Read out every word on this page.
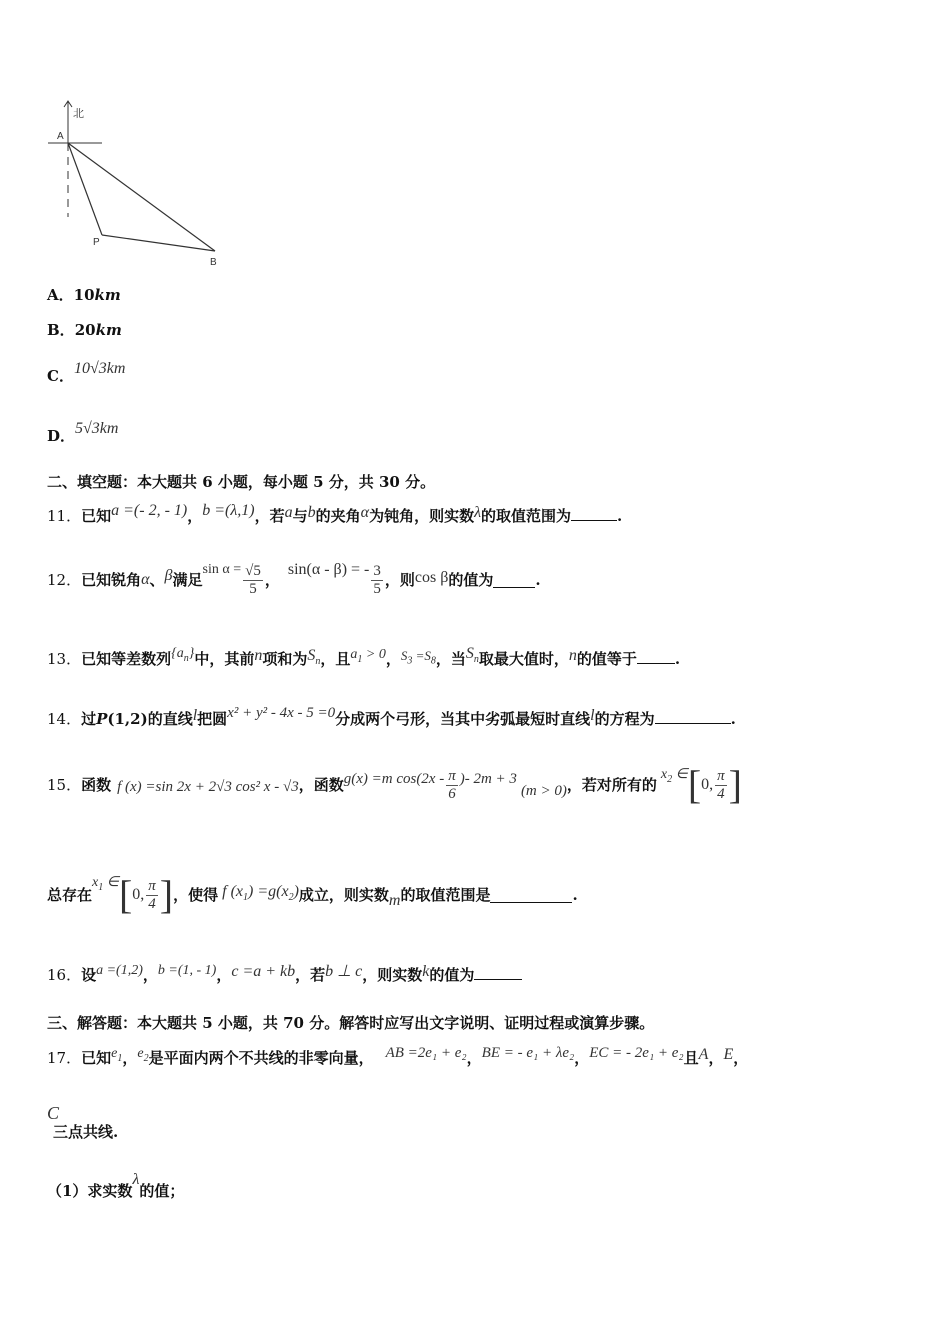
北
A
P
B
A．10km
B．20km
C．10√3km
D．5√3km
二、填空题：本大题共 6 小题，每小题 5 分，共 30 分。
11．已知a =(- 2, - 1)，b =(λ,1)，若a与b的夹角α为钝角，则实数λ的取值范围为	.
12． 已知锐角 α 、 β 满足
$\sin \alpha = \frac{√5}{5}$ ，
sin(α - β) = - $\frac{3}{5}$ ，则 cos β 的值为	.
13．已知等差数列$\{a_n\}$中，其前n项和为$S_n$，且$a_1 > 0$，$S_3 =S_8$，当$S_n$取最大值时，n的值等于	.
14．过P(1,2)的直线l把圆x² + y² - 4x - 5 =0分成两个弓形，当其中劣弧最短时直线l的方程为	.
15． 函数 f (x) =sin 2x + 2√3 cos² x - √3 ，函数 g(x) =m $\cos(2x - \frac{\pi}{6}$ )- 2m + 3
(m > 0) ，若对所有的
$x_2$ ∈ [ 0, $\frac{\pi}{4}$ ]
总存在
$x_1$ ∈ [ 0, $\frac{\pi}{4}$ ] ，使得 f $(x_1) =g(x_2)$ 成立，则实数 m 的取值范围是	.
16．设a =(1,2)，b =(1, - 1)，c =a + kb，若b ⊥ c，则实数k的值为
三、解答题：本大题共 5 小题，共 70 分。解答时应写出文字说明、证明过程或演算步骤。
17．已知$e_1$，$e_2$是平面内两个不共线的非零向量， AB =2e₁ + e₂，BE = - e₁ + λe₂，EC = - 2e₁ + e₂且A，E，
C三点共线.
（1）求实数λ的值；
